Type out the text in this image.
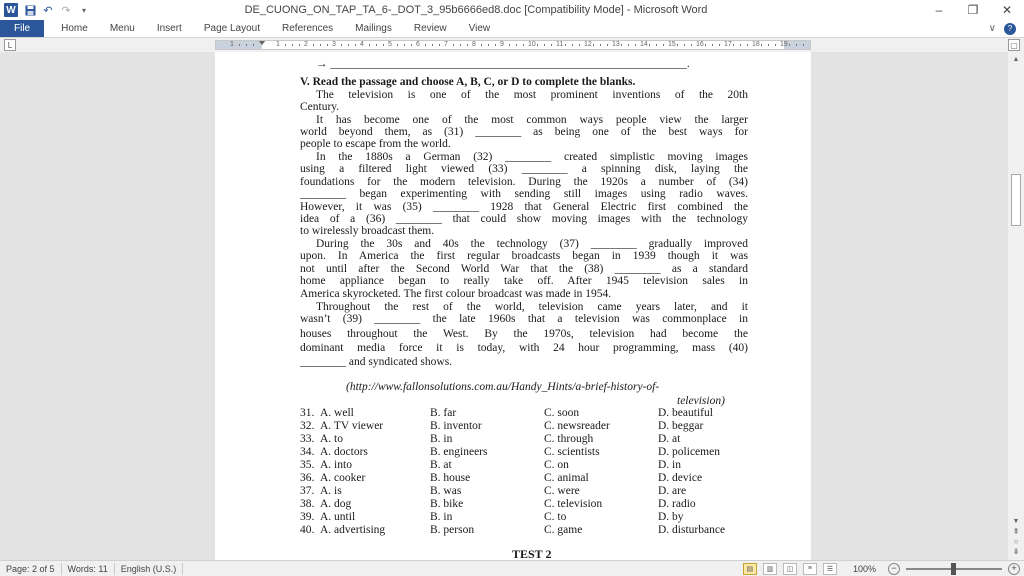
W	↶ ↷	▾	DE_CUONG_ON_TAP_TA_6-_DOT_3_95b6666ed8.doc [Compatibility Mode] - Microsoft Word	–	❐	✕
File	Home	Menu	Insert	Page Layout	References	Mailings	Review	View	∨	?
L	1	1	2	3	4	5	6	7	8	9	10	11	12	13	14	15	16	17	18	19	▢
→ ______________________________________________________________.
V. Read the passage and choose A, B, C, or D to complete the blanks.
The television is one of the most prominent inventions of the 20th
Century.
It has become one of the most common ways people view the larger
world beyond them, as (31) ________ as being one of the best ways for
people to escape from the world.
In the 1880s a German (32) ________ created simplistic moving images
using a filtered light viewed (33) ________ a spinning disk, laying the
foundations for the modern television. During the 1920s a number of (34)
________ began experimenting with sending still images using radio waves.
However, it was (35) ________ 1928 that General Electric first combined the
idea of a (36) ________ that could show moving images with the technology
to wirelessly broadcast them.
During the 30s and 40s the technology (37) ________ gradually improved
upon. In America the first regular broadcasts began in 1939 though it was
not until after the Second World War that the (38) ________ as a standard
home appliance began to really take off. After 1945 television sales in
America skyrocketed. The first colour broadcast was made in 1954.
Throughout the rest of the world, television came years later, and it
wasn’t (39) ________ the late 1960s that a television was commonplace in
houses throughout the West. By the 1970s, television had become the
dominant media force it is today, with 24 hour programming, mass (40)
________ and syndicated shows.
(http://www.fallonsolutions.com.au/Handy_Hints/a-brief-history-of-
television)
31. A. well	B. far	C. soon	D. beautiful
32. A. TV viewer	B. inventor	C. newsreader	D. beggar
33. A. to	B. in	C. through	D. at
34. A. doctors	B. engineers	C. scientists	D. policemen
35. A. into	B. at	C. on	D. in
36. A. cooker	B. house	C. animal	D. device
37. A. is	B. was	C. were	D. are
38. A. dog	B. bike	C. television	D. radio
39. A. until	B. in	C. to	D. by
40. A. advertising	B. person	C. game	D. disturbance
TEST 2
▲
▼
⇞
○
⇟
Page: 2 of 5	Words: 11	English (U.S.)	▤	▥	◫	≡	☰	100%	−	+
